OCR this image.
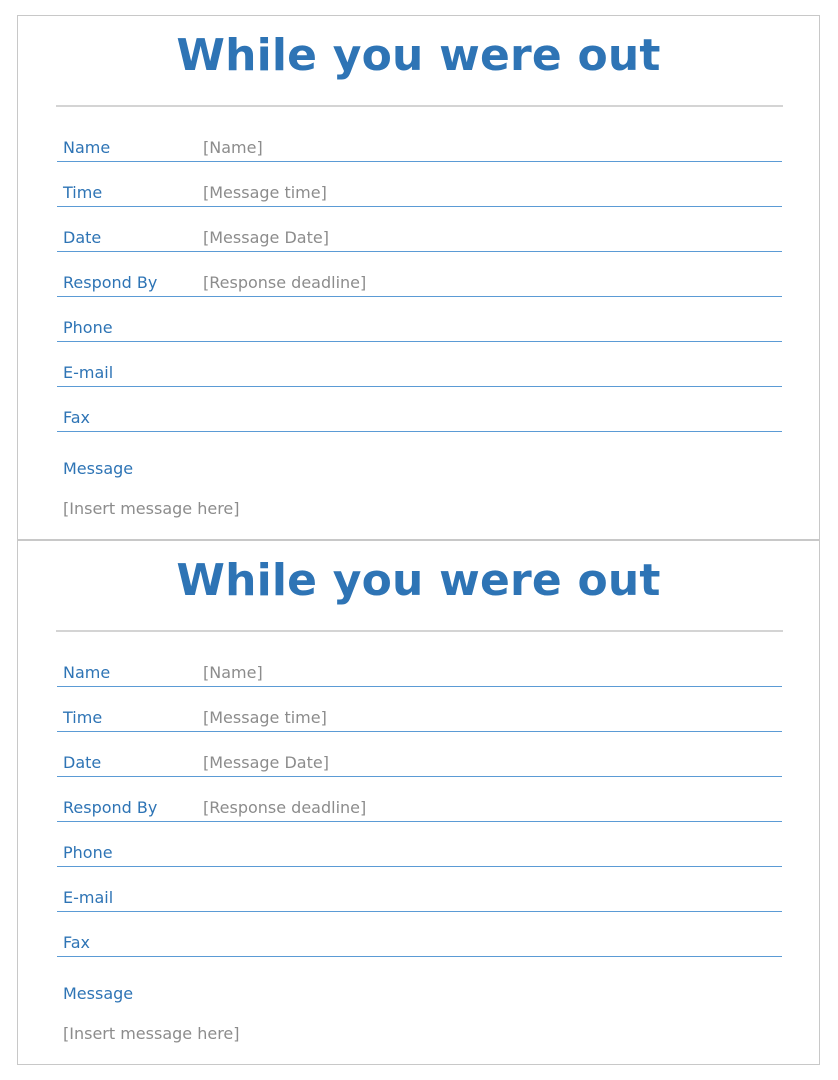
While you were out
Name	[Name]
Time	[Message time]
Date	[Message Date]
Respond By	[Response deadline]
Phone
E-mail
Fax
Message
[Insert message here]
While you were out
Name	[Name]
Time	[Message time]
Date	[Message Date]
Respond By	[Response deadline]
Phone
E-mail
Fax
Message
[Insert message here]
